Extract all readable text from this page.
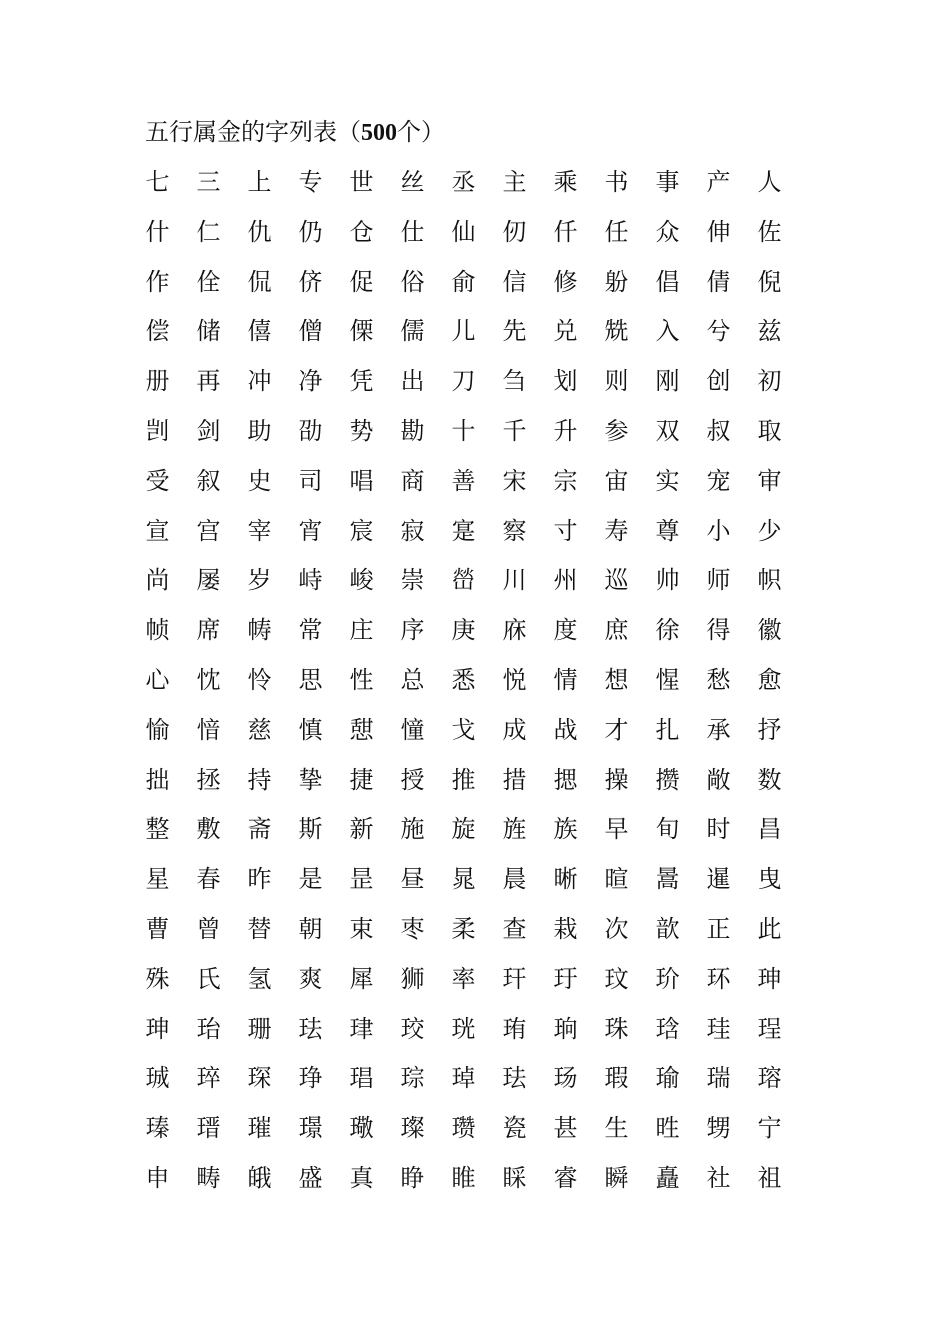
五行属金的字列表（500个）
七	三	上	专	世	丝	丞	主	乘	书	事	产	人
什	仁	仇	仍	仓	仕	仙	仞	仟	任	众	伸	佐
作	佺	侃	侪	促	俗	俞	信	修	躮	倡	倩	倪
偿	储	僖	僧	傈	儒	儿	先	兑	兟	入	兮	兹
册	再	冲	净	凭	出	刀	刍	划	则	刚	创	初
剀	剑	助	劭	势	勘	十	千	升	参	双	叔	取
受	叙	史	司	唱	商	善	宋	宗	宙	实	宠	审
宣	宫	宰	宵	宸	寂	寔	察	寸	寿	尊	小	少
尚	屡	岁	峙	峻	崇	嵤	川	州	巡	帅	师	帜
帧	席	帱	常	庄	序	庚	庥	度	庶	徐	得	徽
心	忱	怜	思	性	总	悉	悦	情	想	惺	愁	愈
愉	愔	慈	慎	憇	憧	戈	成	战	才	扎	承	抒
拙	拯	持	挚	捷	授	推	措	揌	操	攒	敞	数
整	敷	斋	斯	新	施	旋	旌	族	早	旬	时	昌
星	春	昨	是	昰	昼	晁	晨	晰	暄	暠	暹	曳
曹	曾	替	朝	束	枣	柔	查	栽	次	歆	正	此
殊	氏	氢	爽	犀	狮	率	玕	玗	玟	玠	环	珅
珅	珆	珊	珐	珒	珓	珖	珛	珦	珠	琀	珪	珵
珹	琗	琛	琤	琩	琮	琸	珐	玚	瑕	瑜	瑞	瑢
瑧	瑨	璀	璟	璥	璨	瓒	瓷	甚	生	甠	甥	宁
申	畴	皒	盛	真	睁	睢	睬	睿	瞬	矗	社	祖
